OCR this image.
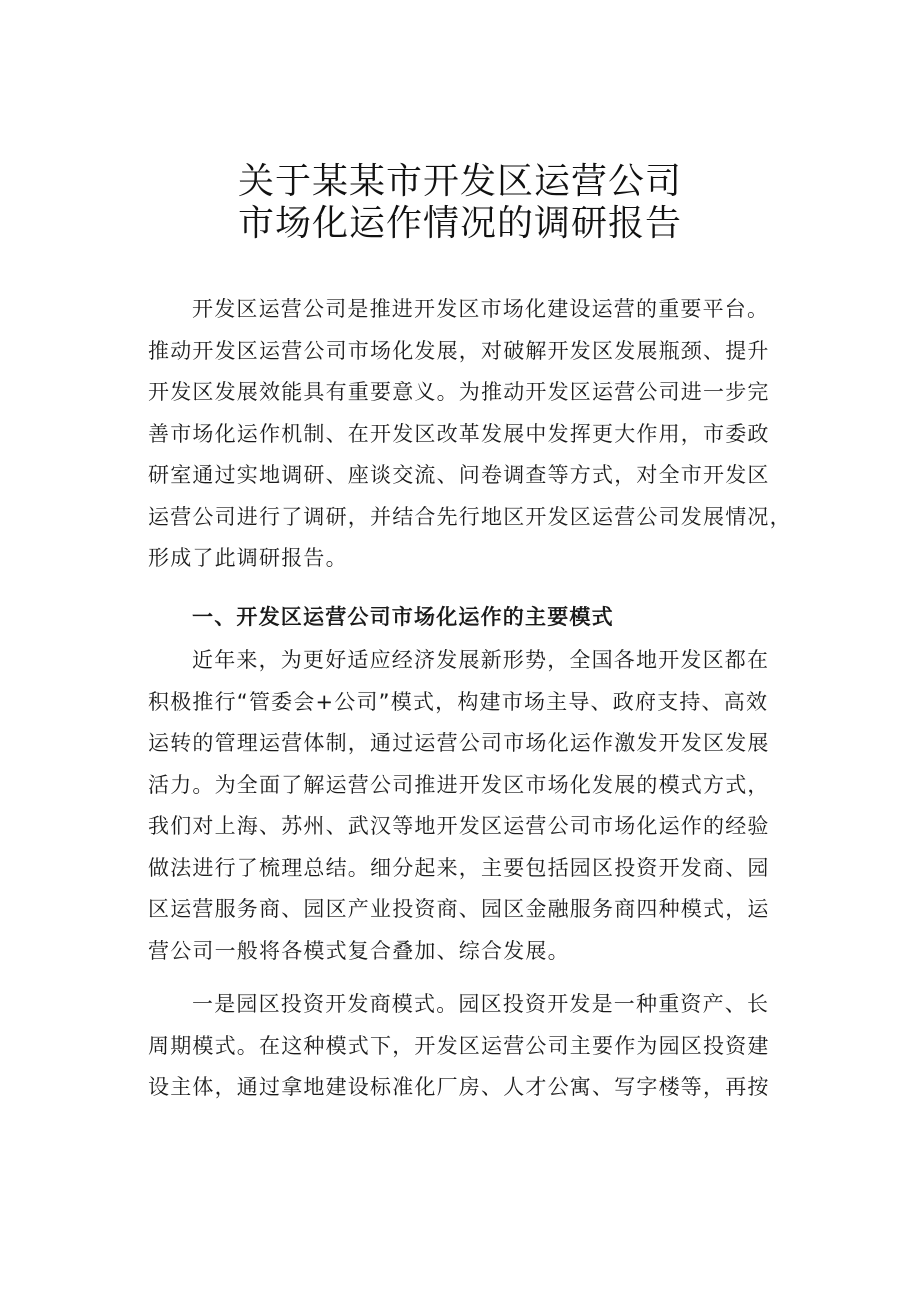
关于某某市开发区运营公司
市场化运作情况的调研报告
开发区运营公司是推进开发区市场化建设运营的重要平台。
推动开发区运营公司市场化发展，对破解开发区发展瓶颈、提升
开发区发展效能具有重要意义。为推动开发区运营公司进一步完
善市场化运作机制、在开发区改革发展中发挥更大作用，市委政
研室通过实地调研、座谈交流、问卷调查等方式，对全市开发区
运营公司进行了调研，并结合先行地区开发区运营公司发展情况，
形成了此调研报告。
一、开发区运营公司市场化运作的主要模式
近年来，为更好适应经济发展新形势，全国各地开发区都在
积极推行“管委会+公司”模式，构建市场主导、政府支持、高效
运转的管理运营体制，通过运营公司市场化运作激发开发区发展
活力。为全面了解运营公司推进开发区市场化发展的模式方式，
我们对上海、苏州、武汉等地开发区运营公司市场化运作的经验
做法进行了梳理总结。细分起来，主要包括园区投资开发商、园
区运营服务商、园区产业投资商、园区金融服务商四种模式，运
营公司一般将各模式复合叠加、综合发展。
一是园区投资开发商模式。园区投资开发是一种重资产、长
周期模式。在这种模式下，开发区运营公司主要作为园区投资建
设主体，通过拿地建设标准化厂房、人才公寓、写字楼等，再按
